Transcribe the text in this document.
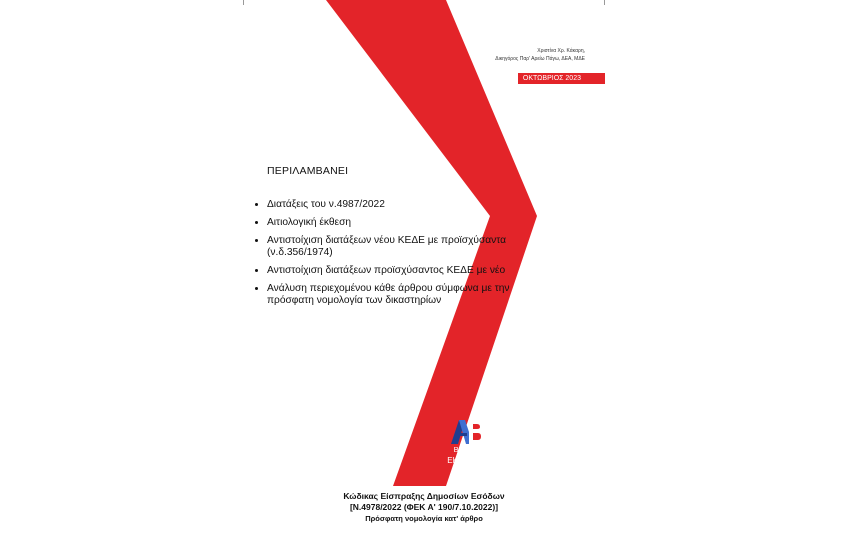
Χριστίνα Χρ. Κάκαρη,
Δικηγόρος Παρ' Αρείω Πάγω, ΔΕΑ, ΜΔΕ
ΟΚΤΩΒΡΙΟΣ 2023
ΠΕΡΙΛΑΜΒΑΝΕΙ
• Διατάξεις του ν.4987/2022
• Αιτιολογική έκθεση
• Αντιστοίχιση διατάξεων νέου ΚΕΔΕ με προϊσχύσαντα (ν.δ.356/1974)
• Αντιστοίχιση διατάξεων προϊσχύσαντος ΚΕΔΕ με νέο
• Ανάλυση περιεχομένου κάθε άρθρου σύμφωνα με την πρόσφατη νομολογία των δικαστηρίων
BOOKS
ΕΚΔΟΣΕΙΣ
Κώδικας Είσπραξης Δημοσίων Εσόδων
[Ν.4978/2022 (ΦΕΚ Α' 190/7.10.2022)]
Πρόσφατη νομολογία κατ' άρθρο
